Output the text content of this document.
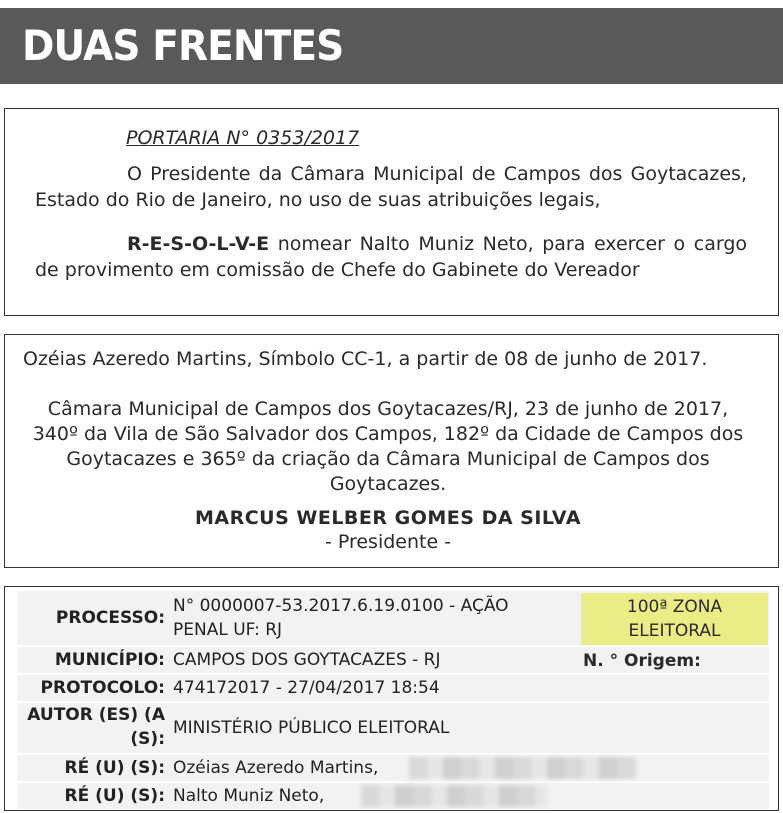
DUAS FRENTES
PORTARIA N° 0353/2017
O Presidente da Câmara Municipal de Campos dos Goytacazes, Estado do Rio de Janeiro, no uso de suas atribuições legais,
R-E-S-O-L-V-E nomear Nalto Muniz Neto, para exercer o cargo de provimento em comissão de Chefe do Gabinete do Vereador
Ozéias Azeredo Martins, Símbolo CC-1, a partir de 08 de junho de 2017.
Câmara Municipal de Campos dos Goytacazes/RJ, 23 de junho de 2017, 340º da Vila de São Salvador dos Campos, 182º da Cidade de Campos dos Goytacazes e 365º da criação da Câmara Municipal de Campos dos Goytacazes.
MARCUS WELBER GOMES DA SILVA
- Presidente -
PROCESSO:
N° 0000007-53.2017.6.19.0100 - AÇÃO
PENAL UF: RJ
100ª ZONA
ELEITORAL
MUNICÍPIO: CAMPOS DOS GOYTACAZES - RJ	N. ° Origem:
PROTOCOLO: 474172017 - 27/04/2017 18:54
AUTOR (ES) (A
(S):
MINISTÉRIO PÚBLICO ELEITORAL
RÉ (U) (S): Ozéias Azeredo Martins,
RÉ (U) (S): Nalto Muniz Neto,
